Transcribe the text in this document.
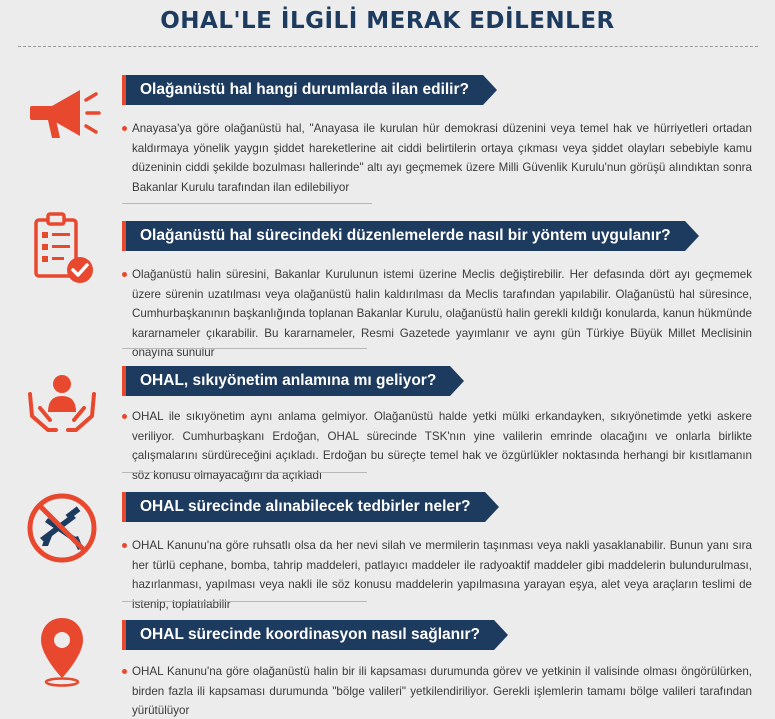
OHAL'LE İLGİLİ MERAK EDİLENLER
Olağanüstü hal hangi durumlarda ilan edilir?
Anayasa'ya göre olağanüstü hal, "Anayasa ile kurulan hür demokrasi düzenini veya temel hak ve hürriyetleri ortadan kaldırmaya yönelik yaygın şiddet hareketlerine ait ciddi belirtilerin ortaya çıkması veya şiddet olayları sebebiyle kamu düzeninin ciddi şekilde bozulması hallerinde" altı ayı geçmemek üzere Milli Güvenlik Kurulu'nun görüşü alındıktan sonra Bakanlar Kurulu tarafından ilan edilebiliyor
Olağanüstü hal sürecindeki düzenlemelerde nasıl bir yöntem uygulanır?
Olağanüstü halin süresini, Bakanlar Kurulunun istemi üzerine Meclis değiştirebilir. Her defasında dört ayı geçmemek üzere sürenin uzatılması veya olağanüstü halin kaldırılması da Meclis tarafından yapılabilir. Olağanüstü hal süresince, Cumhurbaşkanının başkanlığında toplanan Bakanlar Kurulu, olağanüstü halin gerekli kıldığı konularda, kanun hükmünde kararnameler çıkarabilir. Bu kararnameler, Resmi Gazetede yayımlanır ve aynı gün Türkiye Büyük Millet Meclisinin onayına sunulur
OHAL, sıkıyönetim anlamına mı geliyor?
OHAL ile sıkıyönetim aynı anlama gelmiyor. Olağanüstü halde yetki mülki erkandayken, sıkıyönetimde yetki askere veriliyor. Cumhurbaşkanı Erdoğan, OHAL sürecinde TSK'nın yine valilerin emrinde olacağını ve onlarla birlikte çalışmalarını sürdüreceğini açıkladı. Erdoğan bu süreçte temel hak ve özgürlükler noktasında herhangi bir kısıtlamanın söz konusu olmayacağını da açıkladı
OHAL sürecinde alınabilecek tedbirler neler?
OHAL Kanunu'na göre ruhsatlı olsa da her nevi silah ve mermilerin taşınması veya nakli yasaklanabilir. Bunun yanı sıra her türlü cephane, bomba, tahrip maddeleri, patlayıcı maddeler ile radyoaktif maddeler gibi maddelerin bulundurulması, hazırlanması, yapılması veya nakli ile söz konusu maddelerin yapılmasına yarayan eşya, alet veya araçların teslimi de istenip, toplatılabilir
OHAL sürecinde koordinasyon nasıl sağlanır?
OHAL Kanunu'na göre olağanüstü halin bir ili kapsaması durumunda görev ve yetkinin il valisinde olması öngörülürken, birden fazla ili kapsaması durumunda "bölge valileri" yetkilendiriliyor. Gerekli işlemlerin tamamı bölge valileri tarafından yürütülüyor
